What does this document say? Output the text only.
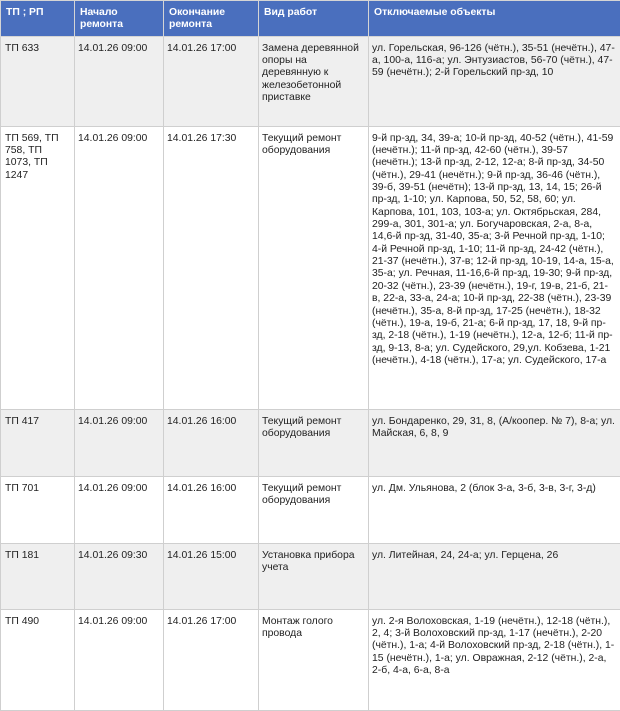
ТП ; РП	Начало ремонта	Окончание ремонта	Вид работ	Отключаемые объекты
ТП 633	14.01.26 09:00	14.01.26 17:00	Замена деревянной опоры на деревянную к железобетонной приставке	ул. Горельская, 96-126 (чётн.), 35-51 (нечётн.), 47-а, 100-а, 116-а; ул. Энтузиастов, 56-70 (чётн.), 47-59 (нечётн.); 2-й Горельский пр-зд, 10
ТП 569, ТП 758, ТП 1073, ТП 1247	14.01.26 09:00	14.01.26 17:30	Текущий ремонт оборудования	9-й пр-зд, 34, 39-а; 10-й пр-зд, 40-52 (чётн.), 41-59 (нечётн.); 11-й пр-зд, 42-60 (чётн.), 39-57 (нечётн.); 13-й пр-зд, 2-12, 12-а; 8-й пр-зд, 34-50 (чётн.), 29-41 (нечётн.); 9-й пр-зд, 36-46 (чётн.), 39-б, 39-51 (нечётн); 13-й пр-зд, 13, 14, 15; 26-й пр-зд, 1-10; ул. Карпова, 50, 52, 58, 60; ул. Карпова, 101, 103, 103-а; ул. Октябрьская, 284, 299-а, 301, 301-а; ул. Богучаровская, 2-а, 8-а, 14,6-й пр-зд, 31-40, 35-а; 3-й Речной пр-зд, 1-10; 4-й Речной пр-зд, 1-10; 11-й пр-зд, 24-42 (чётн.), 21-37 (нечётн.), 37-в; 12-й пр-зд, 10-19, 14-а, 15-а, 35-а; ул. Речная, 11-16,6-й пр-зд, 19-30; 9-й пр-зд, 20-32 (чётн.), 23-39 (нечётн.), 19-г, 19-в, 21-б, 21-в, 22-а, 33-а, 24-а; 10-й пр-зд, 22-38 (чётн.), 23-39 (нечётн.), 35-а, 8-й пр-зд, 17-25 (нечётн.), 18-32 (чётн.), 19-а, 19-б, 21-а; 6-й пр-зд, 17, 18, 9-й пр-зд, 2-18 (чётн.), 1-19 (нечётн.), 12-а, 12-б; 11-й пр-зд, 9-13, 8-а; ул. Судейского, 29,ул. Кобзева, 1-21 (нечётн.), 4-18 (чётн.), 17-а; ул. Судейского, 17-а
ТП 417	14.01.26 09:00	14.01.26 16:00	Текущий ремонт оборудования	ул. Бондаренко, 29, 31, 8, (А/коопер. № 7), 8-а; ул. Майская, 6, 8, 9
ТП 701	14.01.26 09:00	14.01.26 16:00	Текущий ремонт оборудования	ул. Дм. Ульянова, 2 (блок 3-а, 3-б, 3-в, 3-г, 3-д)
ТП 181	14.01.26 09:30	14.01.26 15:00	Установка прибора учета	ул. Литейная, 24, 24-а; ул. Герцена, 26
ТП 490	14.01.26 09:00	14.01.26 17:00	Монтаж голого провода	ул. 2-я Волоховская, 1-19 (нечётн.), 12-18 (чётн.), 2, 4; 3-й Волоховский пр-зд, 1-17 (нечётн.), 2-20 (чётн.), 1-а; 4-й Волоховский пр-зд, 2-18 (чётн.), 1-15 (нечётн.), 1-а; ул. Овражная, 2-12 (чётн.), 2-а, 2-б, 4-а, 6-а, 8-а
